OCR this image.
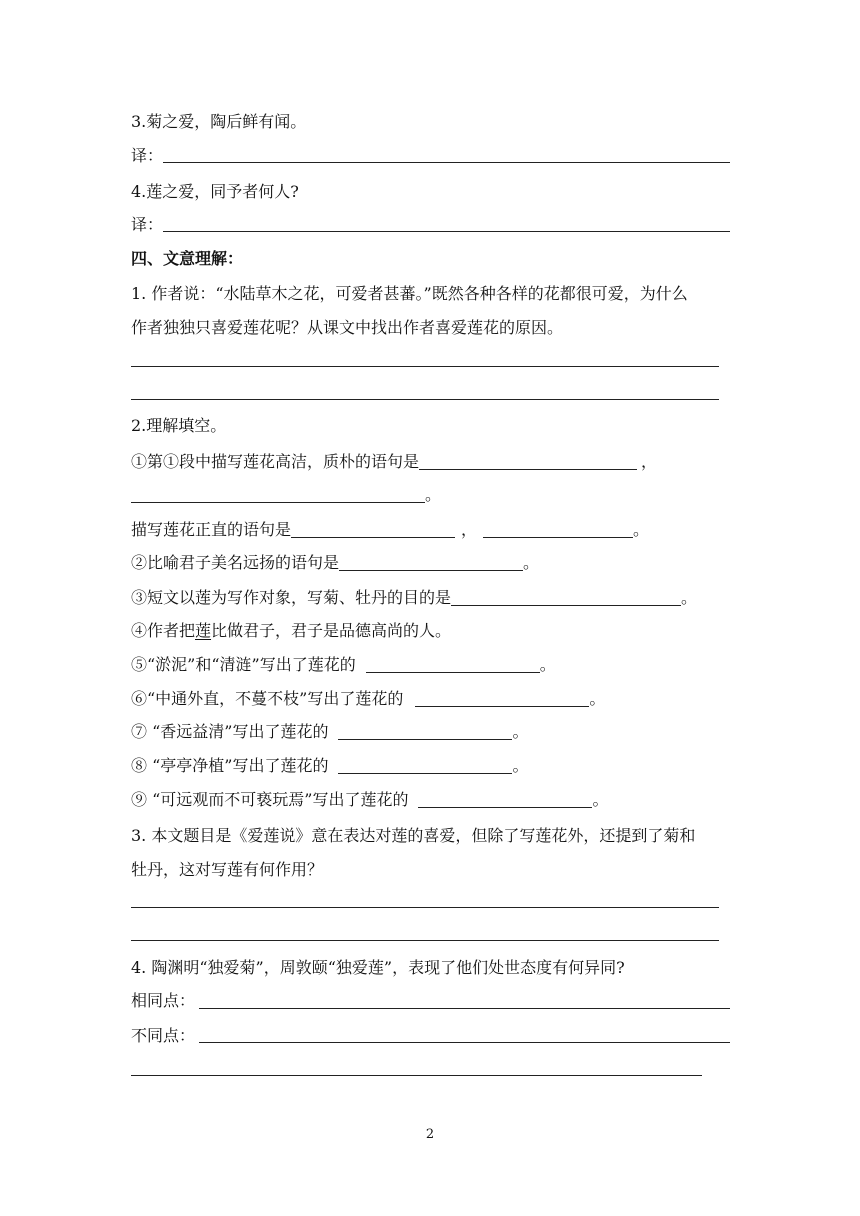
3.菊之爱，陶后鲜有闻。
译：
4.莲之爱，同予者何人?
译：
四、文意理解：
1. 作者说：“水陆草木之花，可爱者甚蕃。”既然各种各样的花都很可爱，为什么
作者独独只喜爱莲花呢？从课文中找出作者喜爱莲花的原因。
2.理解填空。
①第①段中描写莲花高洁，质朴的语句是	，
。
描写莲花正直的语句是	，	。
②比喻君子美名远扬的语句是	。
③短文以莲为写作对象，写菊、牡丹的目的是	。
④作者把莲比做君子，君子是品德高尚的人。
⑤“淤泥”和“清涟”写出了莲花的	。
⑥“中通外直，不蔓不枝”写出了莲花的	。
⑦ “香远益清”写出了莲花的	。
⑧ “亭亭净植”写出了莲花的	。
⑨ “可远观而不可亵玩焉”写出了莲花的	。
3. 本文题目是《爱莲说》意在表达对莲的喜爱，但除了写莲花外，还提到了菊和
牡丹，这对写莲有何作用？
4. 陶渊明“独爱菊”，周敦颐“独爱莲”，表现了他们处世态度有何异同?
相同点：
不同点：
2
